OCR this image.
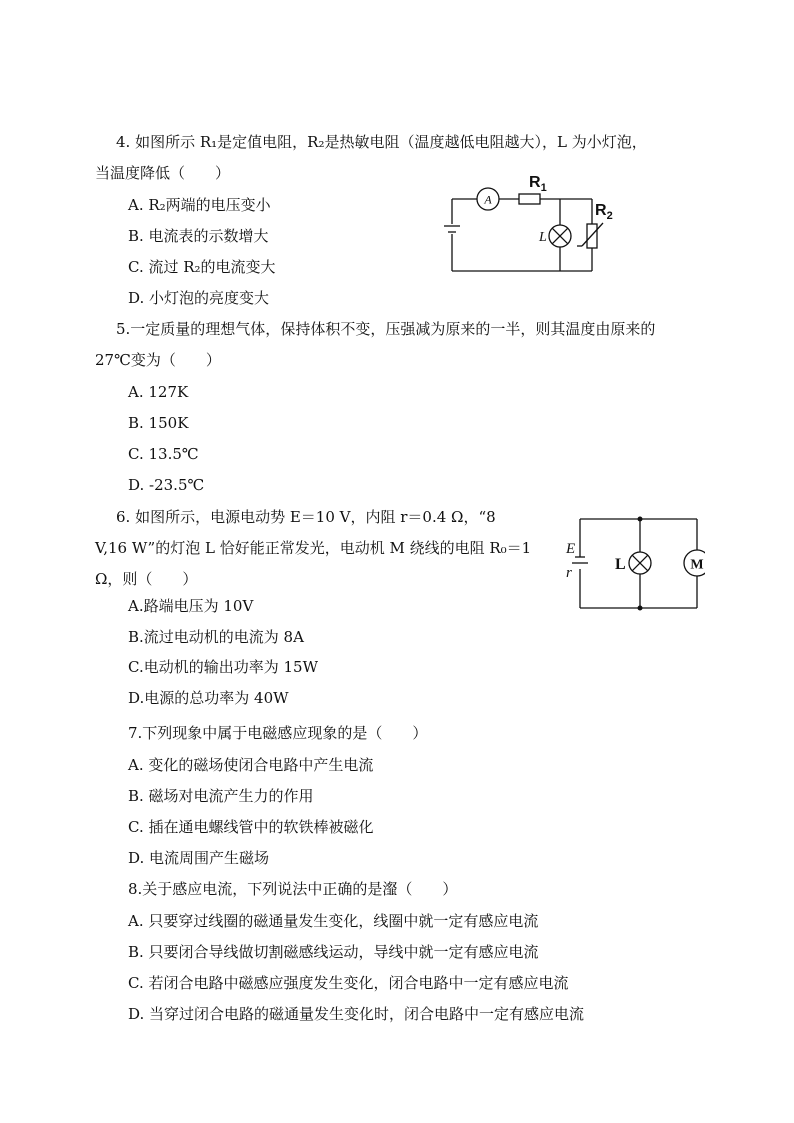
4. 如图所示 R₁是定值电阻，R₂是热敏电阻（温度越低电阻越大），L 为小灯泡，
当温度降低（　　）
A. R₂两端的电压变小
B. 电流表的示数增大
C. 流过 R₂的电流变大
D. 小灯泡的亮度变大
A
$R_1$
$R_2$
L
5.一定质量的理想气体，保持体积不变，压强减为原来的一半，则其温度由原来的
27℃变为（　　）
A. 127K
B. 150K
C. 13.5℃
D. -23.5℃
6. 如图所示，电源电动势 E＝10 V，内阻 r＝0.4 Ω，“8
V,16 W”的灯泡 L 恰好能正常发光，电动机 M 绕线的电阻 R₀＝1
Ω，则（　　）
A.路端电压为 10V
B.流过电动机的电流为 8A
C.电动机的输出功率为 15W
D.电源的总功率为 40W
E
r	L	M
7.下列现象中属于电磁感应现象的是（　　）
A. 变化的磁场使闭合电路中产生电流
B. 磁场对电流产生力的作用
C. 插在通电螺线管中的软铁棒被磁化
D. 电流周围产生磁场
8.关于感应电流，下列说法中正确的是瀣（　　）
A. 只要穿过线圈的磁通量发生变化，线圈中就一定有感应电流
B. 只要闭合导线做切割磁感线运动，导线中就一定有感应电流
C. 若闭合电路中磁感应强度发生变化，闭合电路中一定有感应电流
D. 当穿过闭合电路的磁通量发生变化时，闭合电路中一定有感应电流
